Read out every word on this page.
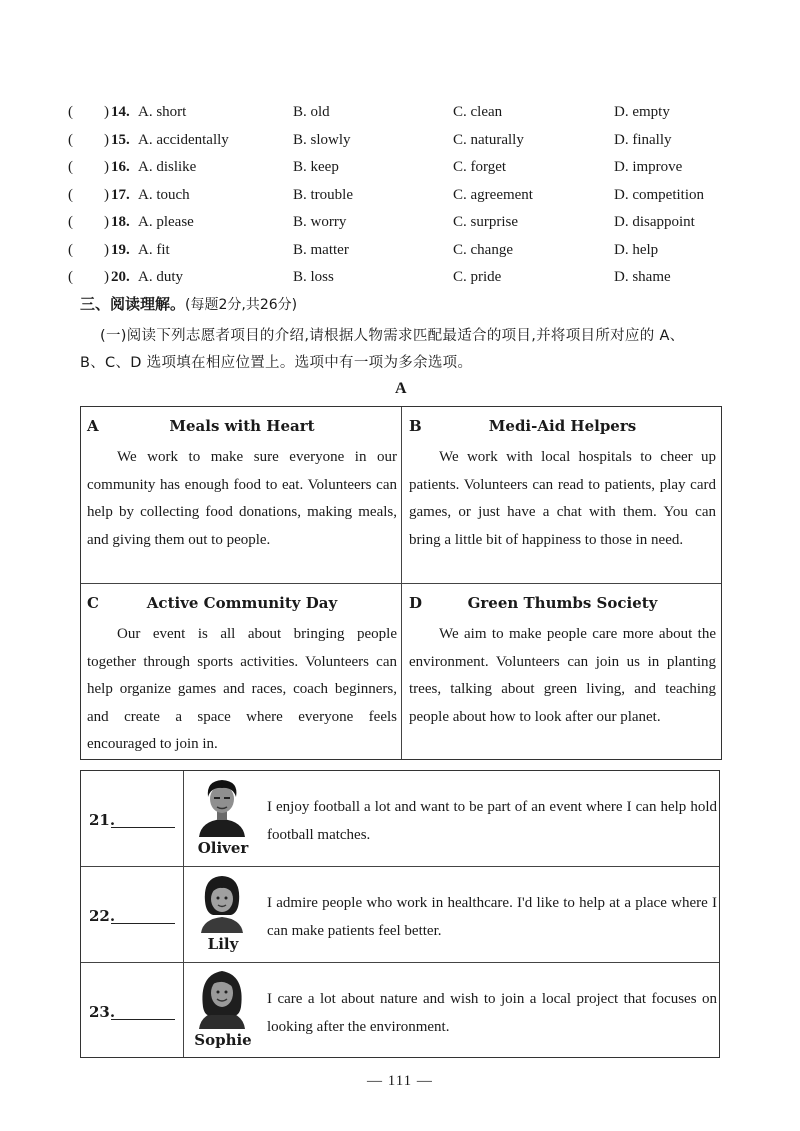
( ) 14. A. short	B. old	C. clean	D. empty
( ) 15. A. accidentally	B. slowly	C. naturally	D. finally
( ) 16. A. dislike	B. keep	C. forget	D. improve
( ) 17. A. touch	B. trouble	C. agreement	D. competition
( ) 18. A. please	B. worry	C. surprise	D. disappoint
( ) 19. A. fit	B. matter	C. change	D. help
( ) 20. A. duty	B. loss	C. pride	D. shame
三、阅读理解。(每题2分,共26分)
(一)阅读下列志愿者项目的介绍,请根据人物需求匹配最适合的项目,并将项目所对应的 A、
B、C、D 选项填在相应位置上。选项中有一项为多余选项。
A
Meals with Heart
A
We work to make sure everyone in our community has enough food to eat. Volunteers can help by collecting food donations, making meals, and giving them out to people.
Medi-Aid Helpers
B
We work with local hospitals to cheer up patients. Volunteers can read to patients, play card games, or just have a chat with them. You can bring a little bit of happiness to those in need.
Active Community Day
C
Our event is all about bringing people together through sports activities. Volunteers can help organize games and races, coach beginners, and create a space where everyone feels encouraged to join in.
Green Thumbs Society
D
We aim to make people care more about the environment. Volunteers can join us in planting trees, talking about green living, and teaching people about how to look after our planet.
21.
Oliver
I enjoy football a lot and want to be part of an event where I can help hold football matches.
22.
Lily
I admire people who work in healthcare. I'd like to help at a place where I can make patients feel better.
23.
Sophie
I care a lot about nature and wish to join a local project that focuses on looking after the environment.
— 111 —
